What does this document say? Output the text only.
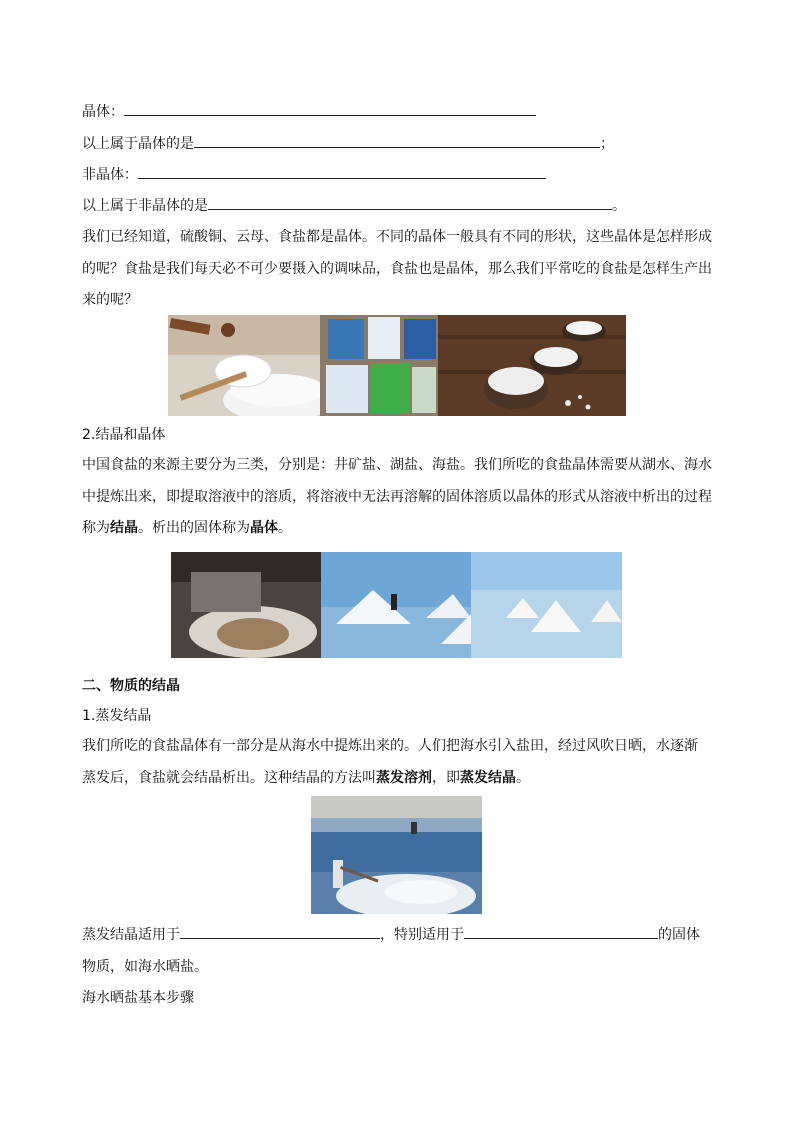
晶体：
以上属于晶体的是	；
非晶体：
以上属于非晶体的是	。
我们已经知道，硫酸铜、云母、食盐都是晶体。不同的晶体一般具有不同的形状，这些晶体是怎样形成
的呢？食盐是我们每天必不可少要摄入的调味品，食盐也是晶体，那么我们平常吃的食盐是怎样生产出
来的呢？
2.结晶和晶体
中国食盐的来源主要分为三类，分别是：井矿盐、湖盐、海盐。我们所吃的食盐晶体需要从湖水、海水
中提炼出来，即提取溶液中的溶质，将溶液中无法再溶解的固体溶质以晶体的形式从溶液中析出的过程
称为结晶。析出的固体称为晶体。
二、物质的结晶
1.蒸发结晶
我们所吃的食盐晶体有一部分是从海水中提炼出来的。人们把海水引入盐田，经过风吹日晒，水逐渐
蒸发后，食盐就会结晶析出。这种结晶的方法叫蒸发溶剂，即蒸发结晶。
蒸发结晶适用于	，特别适用于	的固体
物质，如海水晒盐。
海水晒盐基本步骤
